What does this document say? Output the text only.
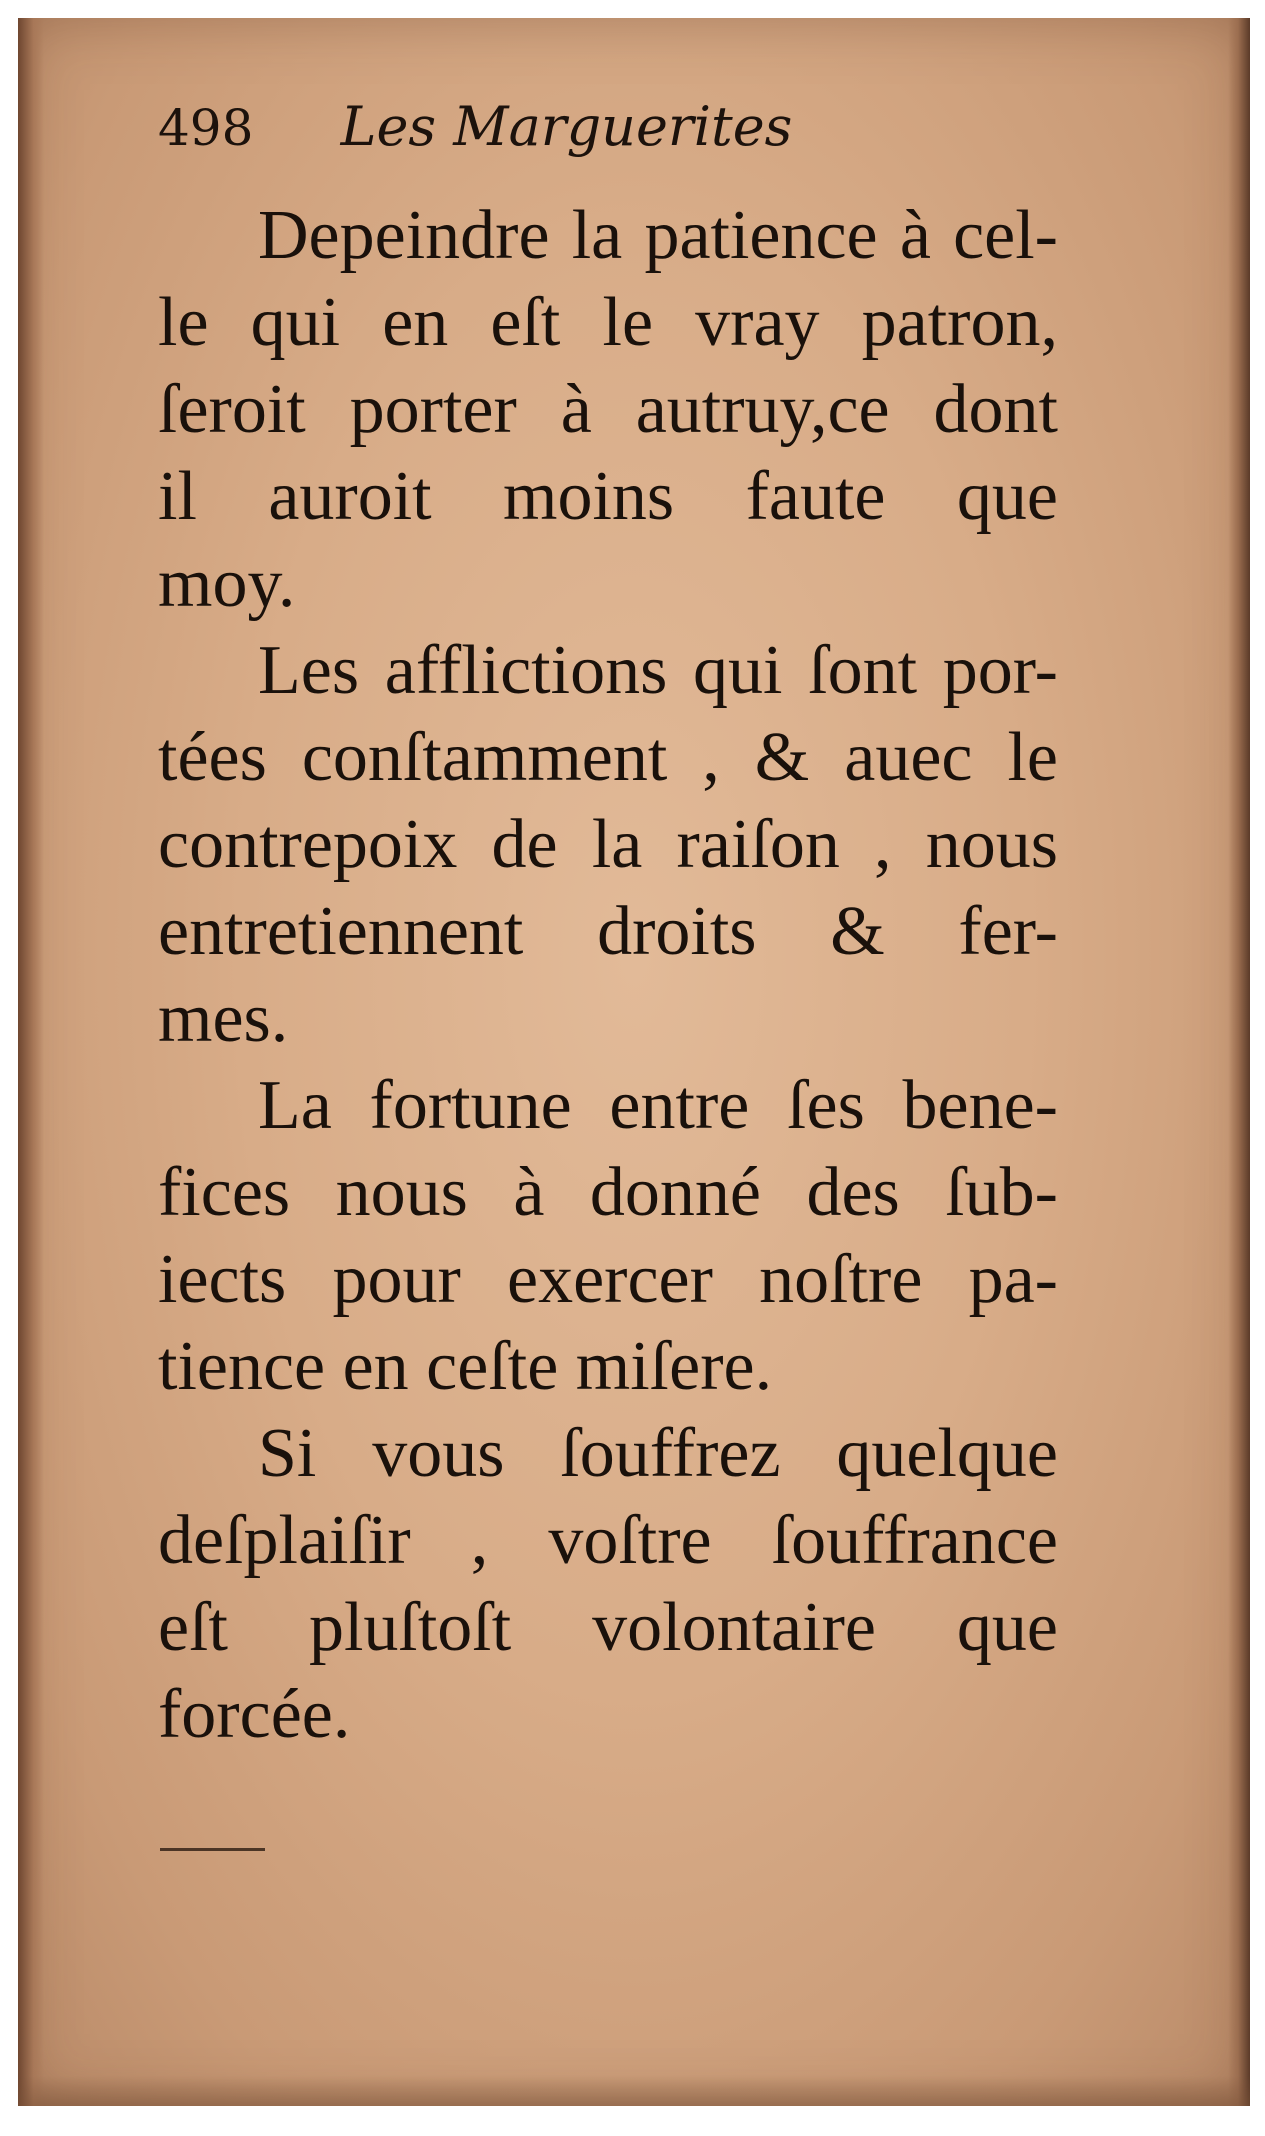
498 Les Marguerites

Depeindre la patience à cel-
le qui en eſt le vray patron,
ſeroit porter à autruy,ce dont
il auroit moins faute que
moy.

Les afflictions qui ſont por-
tées conſtamment , & auec le
contrepoix de la raiſon , nous
entretiennent droits & fer-
mes.

La fortune entre ſes bene-
fices nous à donné des ſub-
iects pour exercer noſtre pa-
tience en ceſte miſere.

Si vous ſouffrez quelque
deſplaiſir , voſtre ſouffrance
eſt pluſtoſt volontaire que
forcée.
